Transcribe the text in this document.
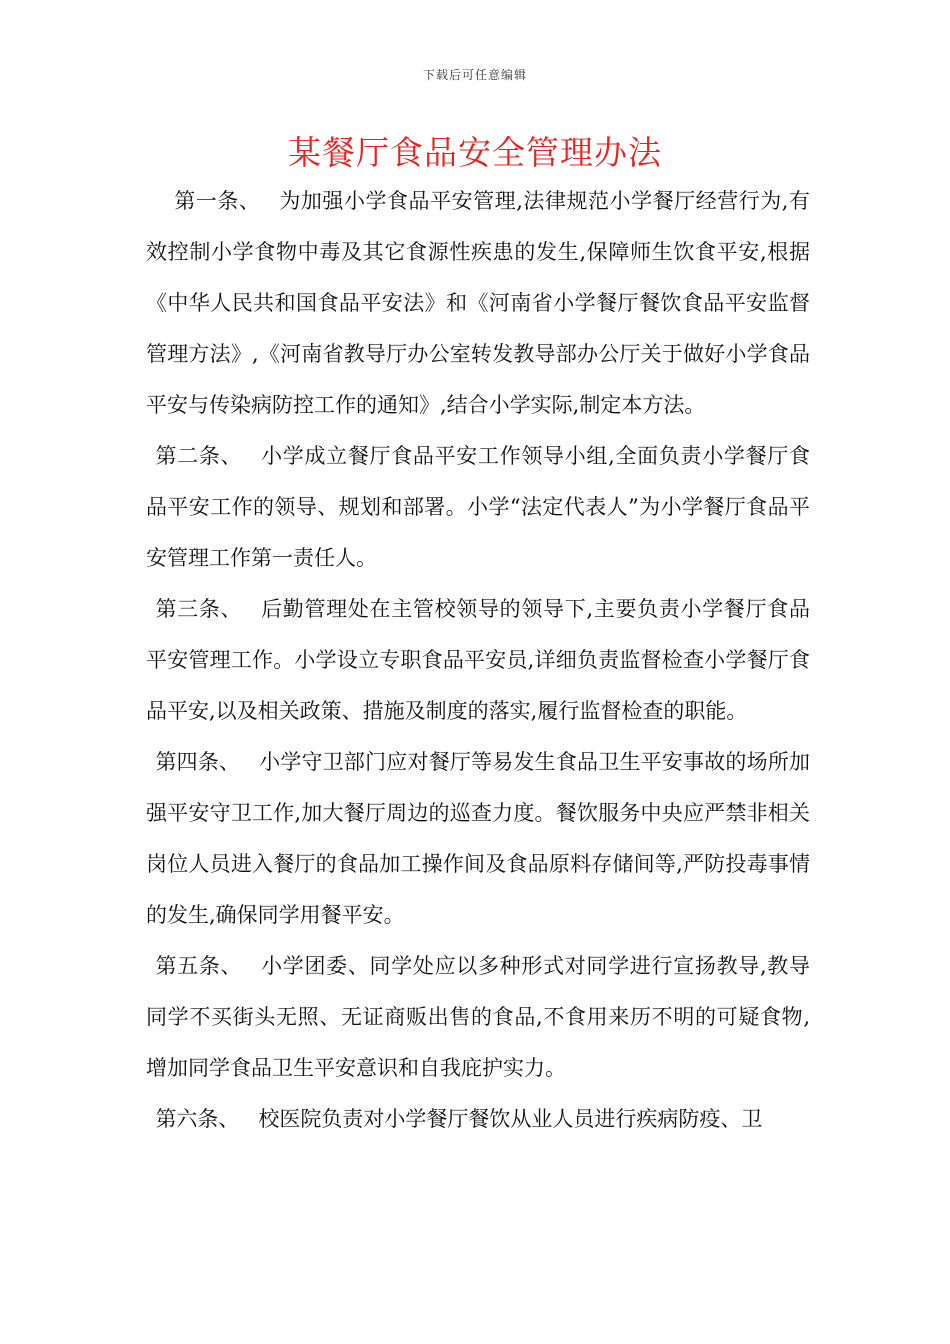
下载后可任意编辑
某餐厅食品安全管理办法

第一条、 为加强小学食品平安管理,法律规范小学餐厅经营行为,有效控制小学食物中毒及其它食源性疾患的发生,保障师生饮食平安,根据《中华人民共和国食品平安法》和《河南省小学餐厅餐饮食品平安监督管理方法》,《河南省教导厅办公室转发教导部办公厅关于做好小学食品平安与传染病防控工作的通知》,结合小学实际,制定本方法。

第二条、 小学成立餐厅食品平安工作领导小组,全面负责小学餐厅食品平安工作的领导、规划和部署。小学“法定代表人”为小学餐厅食品平安管理工作第一责任人。

第三条、 后勤管理处在主管校领导的领导下,主要负责小学餐厅食品平安管理工作。小学设立专职食品平安员,详细负责监督检查小学餐厅食品平安,以及相关政策、措施及制度的落实,履行监督检查的职能。

第四条、 小学守卫部门应对餐厅等易发生食品卫生平安事故的场所加强平安守卫工作,加大餐厅周边的巡查力度。餐饮服务中央应严禁非相关岗位人员进入餐厅的食品加工操作间及食品原料存储间等,严防投毒事情的发生,确保同学用餐平安。

第五条、 小学团委、同学处应以多种形式对同学进行宣扬教导,教导同学不买街头无照、无证商贩出售的食品,不食用来历不明的可疑食物,增加同学食品卫生平安意识和自我庇护实力。

第六条、 校医院负责对小学餐厅餐饮从业人员进行疾病防疫、卫
